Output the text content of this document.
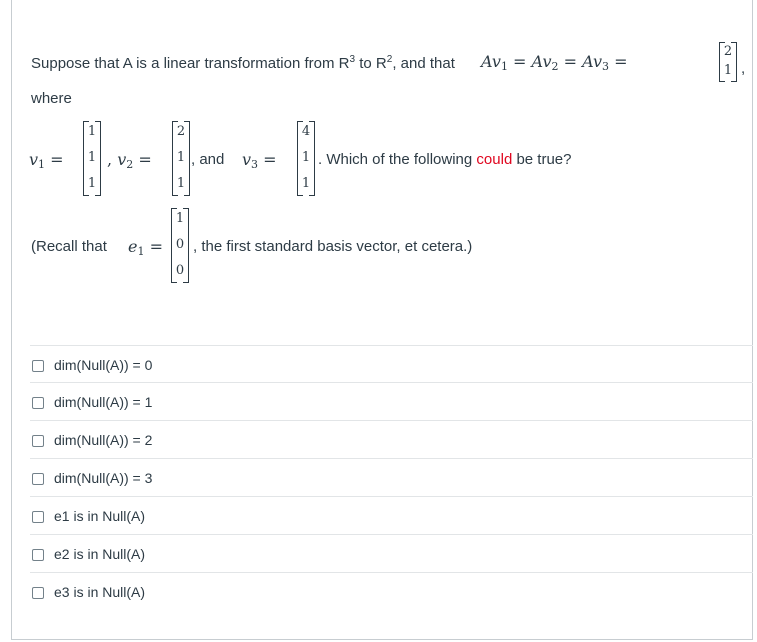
Suppose that A is a linear transformation from $R^3$ to $R^2$, and that $Av_1 = Av_2 = Av_3$ =
2
1 ,
where
$v_1$ =
1
1
1
, $v_2$ =
2
1
1
, and $v_3$ =
4
1
1
. Which of the following could be true?
(Recall that $e_1$ =
1
0
0
, the first standard basis vector, et cetera.)
dim(Null(A)) = 0
dim(Null(A)) = 1
dim(Null(A)) = 2
dim(Null(A)) = 3
e1 is in Null(A)
e2 is in Null(A)
e3 is in Null(A)
